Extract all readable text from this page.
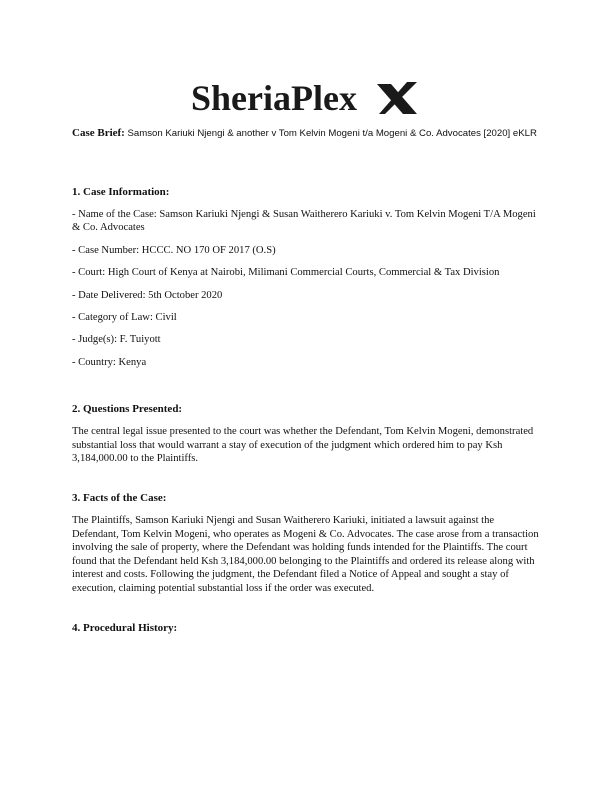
SheriaPlex
Case Brief: Samson Kariuki Njengi & another v Tom Kelvin Mogeni t/a Mogeni & Co. Advocates [2020] eKLR
1. Case Information:
- Name of the Case: Samson Kariuki Njengi & Susan Waitherero Kariuki v. Tom Kelvin Mogeni T/A Mogeni & Co. Advocates
- Case Number: HCCC. NO 170 OF 2017 (O.S)
- Court: High Court of Kenya at Nairobi, Milimani Commercial Courts, Commercial & Tax Division
- Date Delivered: 5th October 2020
- Category of Law: Civil
- Judge(s): F. Tuiyott
- Country: Kenya
2. Questions Presented:

The central legal issue presented to the court was whether the Defendant, Tom Kelvin Mogeni, demonstrated substantial loss that would warrant a stay of execution of the judgment which ordered him to pay Ksh 3,184,000.00 to the Plaintiffs.

3. Facts of the Case:

The Plaintiffs, Samson Kariuki Njengi and Susan Waitherero Kariuki, initiated a lawsuit against the Defendant, Tom Kelvin Mogeni, who operates as Mogeni & Co. Advocates. The case arose from a transaction involving the sale of property, where the Defendant was holding funds intended for the Plaintiffs. The court found that the Defendant held Ksh 3,184,000.00 belonging to the Plaintiffs and ordered its release along with interest and costs. Following the judgment, the Defendant filed a Notice of Appeal and sought a stay of execution, claiming potential substantial loss if the order was executed.

4. Procedural History:
